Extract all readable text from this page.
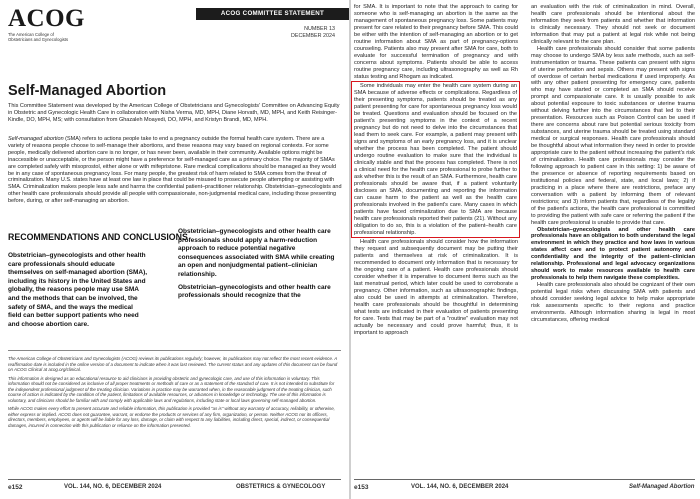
ACOG
The American College of
Obstetricians and Gynecologists
ACOG COMMITTEE STATEMENT
NUMBER 13
DECEMBER 2024
Self-Managed Abortion
This Committee Statement was developed by the American College of Obstetricians and Gynecologists' Committee on Advancing Equity in Obstetric and Gynecologic Health Care in collaboration with Nisha Verma, MD, MPH, Diane Horvath, MD, MPH, and Keith Reisinger-Kindle, DO, MPH, MS; with consultation from Ghazaleh Moayedi, DO, MPH, and Kristyn Brandi, MD, MPH.
Self-managed abortion (SMA) refers to actions people take to end a pregnancy outside the formal health care system. There are a variety of reasons people choose to self-manage their abortions, and these reasons may vary based on regional contexts. For some people, medically delivered abortion care is no longer, or has never been, available in their community. Available options might be inaccessible or unacceptable, or the person might have a preference for self-managed care as a primary choice. The majority of SMAs are completed safely with misoprostol, either alone or with mifepristone. Rare medical complications should be managed as they would be in any case of spontaneous pregnancy loss. For many people, the greatest risk of harm related to SMA comes from the threat of criminalization. Many U.S. states have at least one law in place that could be misused to prosecute people attempting or assisting with SMA. Criminalization makes people less safe and harms the confidential patient–practitioner relationship. Obstetrician–gynecologists and other health care professionals should provide all people with compassionate, non-judgmental medical care, including those presenting before, during, or after self-managing an abortion.
RECOMMENDATIONS AND CONCLUSIONS
Obstetrician–gynecologists and other health care professionals should educate themselves on self-managed abortion (SMA), including its history in the United States and globally, the reasons people may use SMA and the methods that can be involved, the safety of SMA, and the ways the medical field can better support patients who need and choose abortion care.

Obstetrician–gynecologists and other health care professionals should apply a harm-reduction approach to reduce potential negative consequences associated with SMA while creating an open and nonjudgmental patient–clinician relationship.

Obstetrician–gynecologists and other health care professionals should recognize that the

The American College of Obstetricians and Gynecologists (ACOG) reviews its publications regularly; however, its publications may not reflect the most recent evidence. A reaffirmation date is included in the online version of a document to indicate when it was last reviewed. The current status and any updates of this document can be found on ACOG Clinical at acog.org/clinical.

This information is designed as an educational resource to aid clinicians in providing obstetric and gynecologic care, and use of this information is voluntary. This information should not be considered as inclusive of all proper treatments or methods of care or as a statement of the standard of care. It is not intended to substitute for the independent professional judgment of the treating clinician. Variations in practice may be warranted when, in the reasonable judgment of the treating clinician, such course of action is indicated by the condition of the patient, limitations of available resources, or advances in knowledge or technology. The use of this information is voluntary, and clinicians should be familiar with and comply with applicable laws and regulations, including state or local laws governing self-managed abortion.

While ACOG makes every effort to present accurate and reliable information, this publication is provided "as is" without any warranty of accuracy, reliability, or otherwise, either express or implied. ACOG does not guarantee, warrant, or endorse the products or services of any firm, organization, or person. Neither ACOG nor its officers, directors, members, employees, or agents will be liable for any loss, damage, or claim with respect to any liabilities, including direct, special, indirect, or consequential damages, incurred in connection with this publication or reliance on the information presented.

e152	VOL. 144, NO. 6, DECEMBER 2024	OBSTETRICS & GYNECOLOGY

for SMA. It is important to note that the approach to caring for someone who is self-managing an abortion is the same as the management of spontaneous pregnancy loss. Some patients may present for care related to their pregnancy before SMA. This could be either with the intention of self-managing an abortion or to get routine information about SMA as part of pregnancy-options counseling. Patients also may present after SMA for care, both to evaluate for successful termination of pregnancy and with concerns about symptoms. Patients should be able to access routine pregnancy care, including ultrasonography as well as Rh status testing and Rhogam as indicated.

Some individuals may enter the health care system during an SMA because of adverse effects or complications. Regardless of their presenting symptoms, patients should be treated as any patient presenting for care for spontaneous pregnancy loss would be treated. Questions and evaluation should be focused on the patient's presenting symptoms in the context of a recent pregnancy but do not need to delve into the circumstances that lead them to seek care. For example, a patient may present with signs and symptoms of an early pregnancy loss, and it is unclear whether the process has been completed. The patient should undergo routine evaluation to make sure that the individual is clinically stable and that the process has completed. There is not a clinical need for the health care professional to probe further to ask whether this is the result of an SMA. Furthermore, health care professionals should be aware that, if a patient voluntarily discloses an SMA, documenting and reporting the information can cause harm to the patient as well as the health care professionals involved in the patient's care. Many cases in which patients have faced criminalization due to SMA are because health care professionals reported their patients (21). Without any obligation to do so, this is a violation of the patient–health care professional relationship.

Health care professionals should consider how the information they request and subsequently document may be putting their patients and themselves at risk of criminalization. It is recommended to document only information that is necessary for the ongoing care of a patient. Health care professionals should consider whether it is imperative to document items such as the last menstrual period, which later could be used to corroborate a pregnancy. Other information, such as ultrasonographic findings, also could be used in attempts at criminalization. Therefore, health care professionals should be thoughtful in determining what tests are indicated in their evaluation of patients presenting for care. Tests that may be part of a "routine" evaluation may not actually be necessary and could prove harmful; thus, it is important to approach

an evaluation with the risk of criminalization in mind. Overall, health care professionals should be intentional about the information they seek from patients and whether that information is clinically necessary. They should not seek or document information that may put a patient at legal risk while not being clinically relevant to the care plan.

Health care professionals should consider that some patients may choose to undergo SMA by less safe methods, such as self-instrumentation or trauma. These patients can present with signs of uterine perforation and sepsis. Others may present with signs of overdose of certain herbal medications if used improperly. As with any other patient presenting for emergency care, patients who may have started or completed an SMA should receive prompt and compassionate care. It is usually possible to ask about potential exposure to toxic substances or uterine trauma without delving further into the circumstances that led to their presentation. Resources such as Poison Control can be used if there are concerns about rare but potential serious toxicity from substances, and uterine trauma should be treated using standard medical or surgical responses. Health care professionals should be thoughtful about what information they need in order to provide appropriate care to the patient without increasing the patient's risk of criminalization. Health care professionals may consider the following approach to patient care in this setting: 1) be aware of the presence or absence of reporting requirements based on institutional policies and federal, state, and local laws; 2) if practicing in a place where there are restrictions, preface any conversation with a patient by informing them of relevant restrictions; and 3) inform patients that, regardless of the legality of the patient's actions, the health care professional is committed to providing the patient with safe care or referring the patient if the health care professional is unable to provide that care.

Obstetrician–gynecologists and other health care professionals have an obligation to both understand the legal environment in which they practice and how laws in various states affect care and to protect patient autonomy and confidentiality and the integrity of the patient–clinician relationship. Professional and legal advocacy organizations should work to make resources available to health care professionals to help them navigate these complexities.

Health care professionals also should be cognizant of their own potential legal risks when discussing SMA with patients and should consider seeking legal advice to help make appropriate risk assessments specific to their regions and practice environments. Although information sharing is legal in most circumstances, offering medical

e153	VOL. 144, NO. 6, DECEMBER 2024	Self-Managed Abortion
